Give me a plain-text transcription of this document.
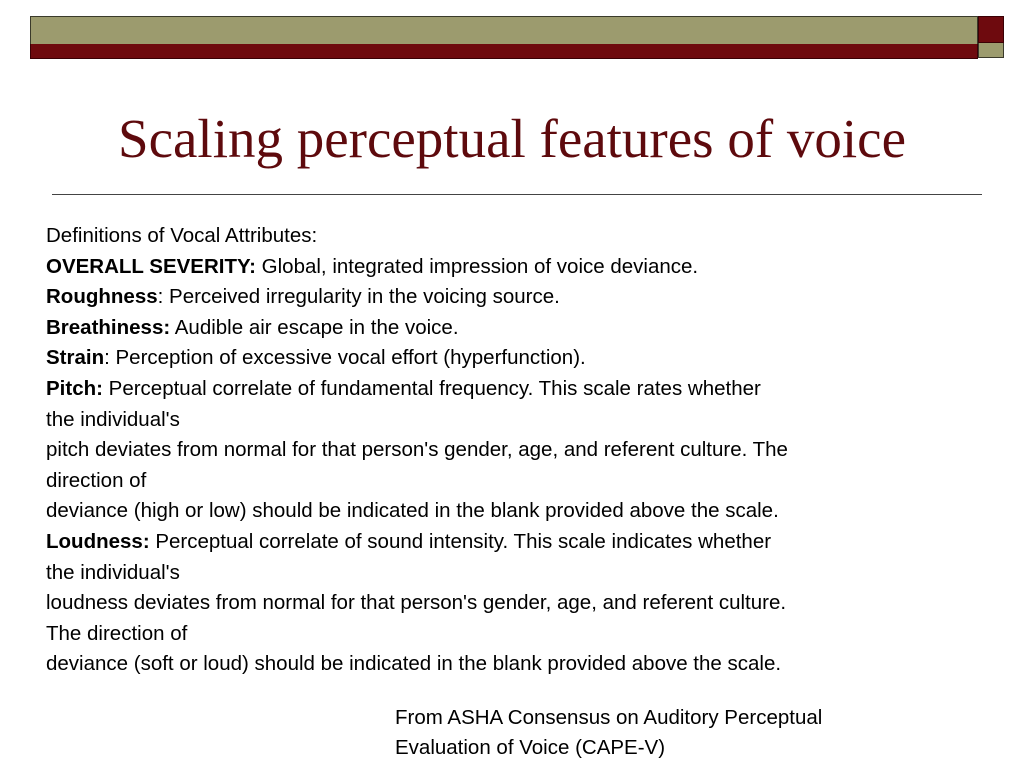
Scaling perceptual features of voice
Definitions of Vocal Attributes:
OVERALL SEVERITY: Global, integrated impression of voice deviance.
Roughness: Perceived irregularity in the voicing source.
Breathiness: Audible air escape in the voice.
Strain: Perception of excessive vocal effort (hyperfunction).
Pitch: Perceptual correlate of fundamental frequency. This scale rates whether
the individual's
pitch deviates from normal for that person's gender, age, and referent culture. The
direction of
deviance (high or low) should be indicated in the blank provided above the scale.
Loudness: Perceptual correlate of sound intensity. This scale indicates whether
the individual's
loudness deviates from normal for that person's gender, age, and referent culture.
The direction of
deviance (soft or loud) should be indicated in the blank provided above the scale.
From ASHA Consensus on Auditory Perceptual
Evaluation of Voice (CAPE-V)
